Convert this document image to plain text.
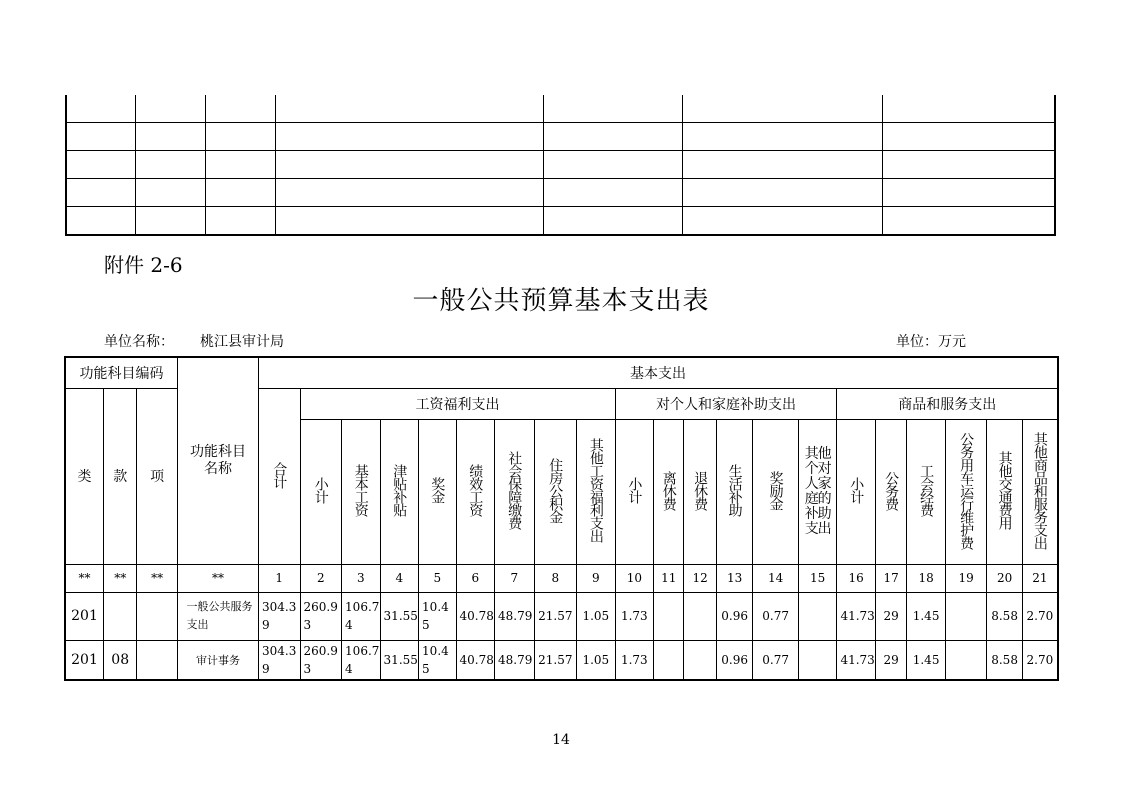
附件 2-6
一般公共预算基本支出表
单位名称： 桃江县审计局	单位：万元
功能科目编码			功能科目名称	基本支出																				
类	款	项		合计	工资福利支出								对个人和家庭补助支出						商品和服务支出					
					小计	基本工资	津贴补贴	奖金	绩效工资	社会保障缴费	住房公积金	其他工资福利支出	小计	离休费	退休费	生活补助	奖励金	其他个对人家庭的补助支出	小计	公务费	工会经费	公务用车运行维护费	其他交通费用	其他商品和服务支出

**	**	**	**	1	2	3	4	5	6	7	8	9	10	11	12	13	14	15	16	17	18	19	20	21
201			一般公共服务支出	304.39	260.93	106.74	31.55	10.45	40.78	48.79	21.57	1.05	1.73			0.96	0.77		41.73	29	1.45		8.58	2.70
201	08		审计事务	304.39	260.93	106.74	31.55	10.45	40.78	48.79	21.57	1.05	1.73			0.96	0.77		41.73	29	1.45		8.58	2.70
14
